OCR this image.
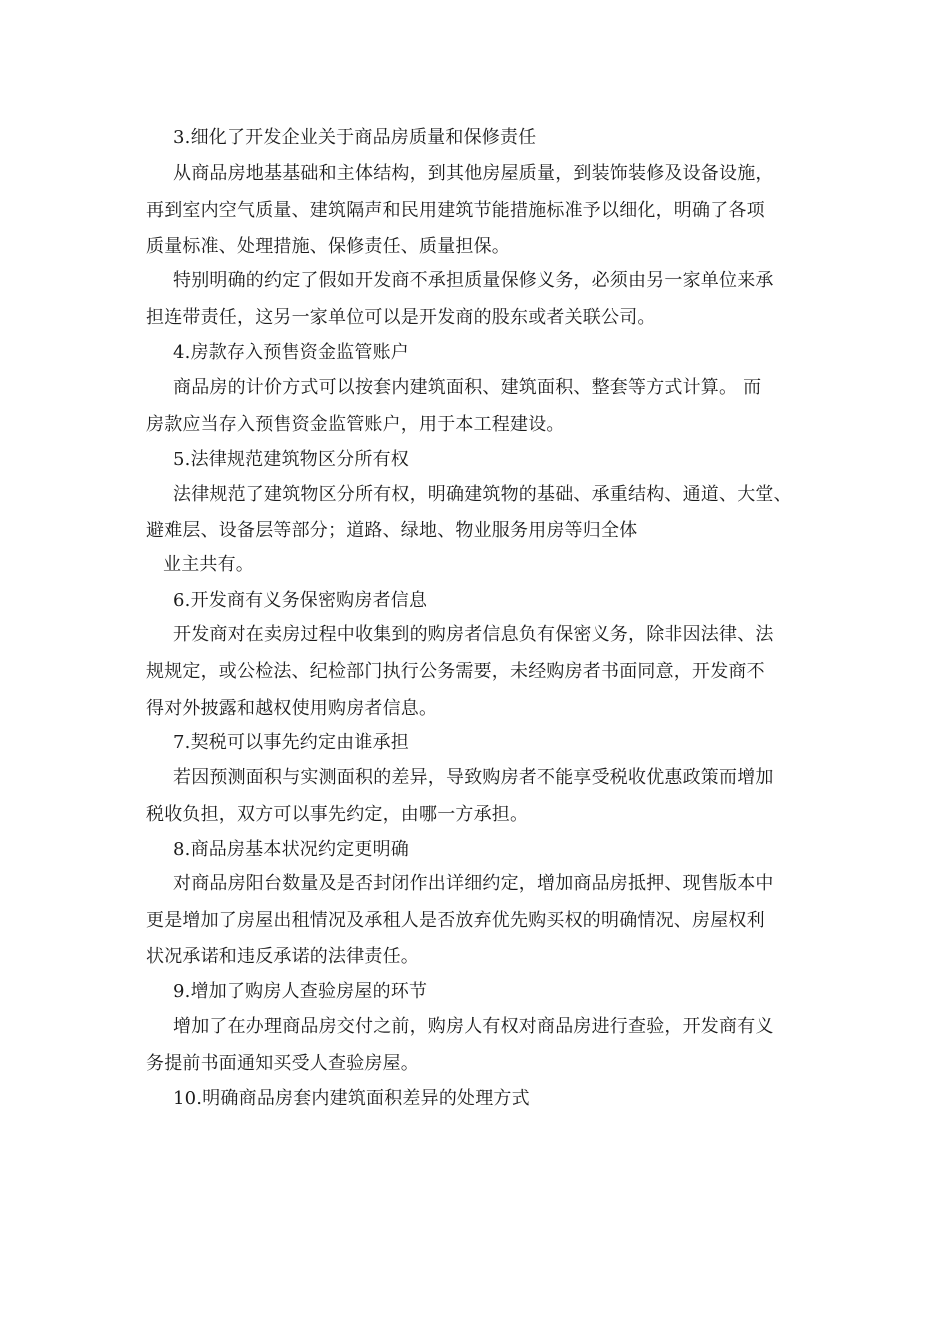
3.细化了开发企业关于商品房质量和保修责任
从商品房地基基础和主体结构，到其他房屋质量，到装饰装修及设备设施，
再到室内空气质量、建筑隔声和民用建筑节能措施标准予以细化，明确了各项
质量标准、处理措施、保修责任、质量担保。
特别明确的约定了假如开发商不承担质量保修义务，必须由另一家单位来承
担连带责任，这另一家单位可以是开发商的股东或者关联公司。
4.房款存入预售资金监管账户
商品房的计价方式可以按套内建筑面积、建筑面积、整套等方式计算。 而
房款应当存入预售资金监管账户，用于本工程建设。
5.法律规范建筑物区分所有权
法律规范了建筑物区分所有权，明确建筑物的基础、承重结构、通道、大堂、
避难层、设备层等部分；道路、绿地、物业服务用房等归全体
业主共有。
6.开发商有义务保密购房者信息
开发商对在卖房过程中收集到的购房者信息负有保密义务，除非因法律、法
规规定，或公检法、纪检部门执行公务需要，未经购房者书面同意，开发商不
得对外披露和越权使用购房者信息。
7.契税可以事先约定由谁承担
若因预测面积与实测面积的差异，导致购房者不能享受税收优惠政策而增加
税收负担，双方可以事先约定，由哪一方承担。
8.商品房基本状况约定更明确
对商品房阳台数量及是否封闭作出详细约定，增加商品房抵押、现售版本中
更是增加了房屋出租情况及承租人是否放弃优先购买权的明确情况、房屋权利
状况承诺和违反承诺的法律责任。
9.增加了购房人查验房屋的环节
增加了在办理商品房交付之前，购房人有权对商品房进行查验，开发商有义
务提前书面通知买受人查验房屋。
10.明确商品房套内建筑面积差异的处理方式
